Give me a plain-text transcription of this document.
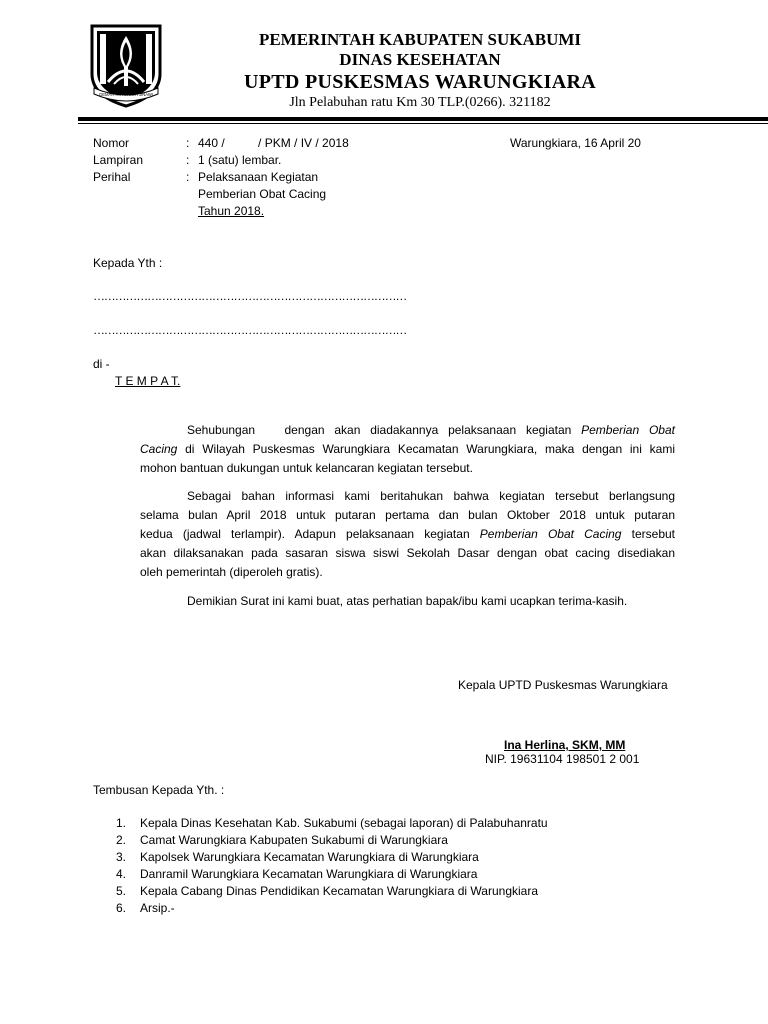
GEMAH RIPAH LOH JINAWI
PEMERINTAH KABUPATEN SUKABUMI
DINAS KESEHATAN
UPTD PUSKESMAS WARUNGKIARA
Jln Pelabuhan ratu Km 30 TLP.(0266). 321182
Nomor	: 440 /          / PKM / IV / 2018	Warungkiara, 16 April 20
Lampiran	: 1 (satu) lembar.
Perihal	: Pelaksanaan Kegiatan
Pemberian Obat Cacing
Tahun 2018.
Kepada Yth :
……………………………………………………………………………
……………………………………………………………………………
di -
T E M P A T.
Sehubungan   dengan akan diadakannya pelaksanaan kegiatan Pemberian Obat
Cacing di Wilayah Puskesmas Warungkiara Kecamatan Warungkiara, maka dengan ini kami
mohon bantuan dukungan untuk kelancaran kegiatan tersebut.
Sebagai bahan informasi kami beritahukan bahwa kegiatan tersebut berlangsung
selama bulan April 2018 untuk putaran pertama dan bulan Oktober 2018 untuk putaran
kedua (jadwal terlampir). Adapun pelaksanaan kegiatan Pemberian Obat Cacing tersebut
akan dilaksanakan pada sasaran siswa siswi Sekolah Dasar dengan obat cacing disediakan
oleh pemerintah (diperoleh gratis).
Demikian Surat ini kami buat, atas perhatian bapak/ibu kami ucapkan terima-kasih.
Kepala UPTD Puskesmas Warungkiara
Ina Herlina, SKM, MM
NIP. 19631104 198501 2 001
Tembusan Kepada Yth. :
1.	Kepala Dinas Kesehatan Kab. Sukabumi (sebagai laporan) di Palabuhanratu
2.	Camat Warungkiara Kabupaten Sukabumi di Warungkiara
3.	Kapolsek Warungkiara Kecamatan Warungkiara di Warungkiara
4.	Danramil Warungkiara Kecamatan Warungkiara di Warungkiara
5.	Kepala Cabang Dinas Pendidikan Kecamatan Warungkiara di Warungkiara
6.	Arsip.-
